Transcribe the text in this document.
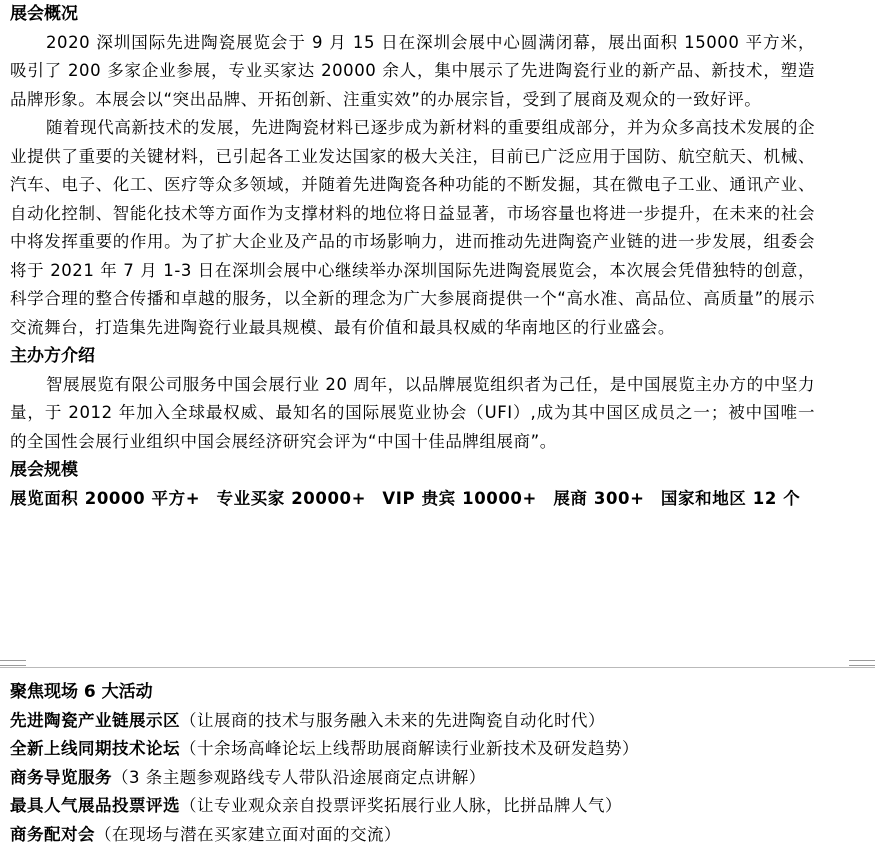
展会概况
2020 深圳国际先进陶瓷展览会于 9 月 15 日在深圳会展中心圆满闭幕，展出面积 15000 平方米，吸引了 200 多家企业参展，专业买家达 20000 余人，集中展示了先进陶瓷行业的新产品、新技术，塑造品牌形象。本展会以“突出品牌、开拓创新、注重实效”的办展宗旨，受到了展商及观众的一致好评。
随着现代高新技术的发展，先进陶瓷材料已逐步成为新材料的重要组成部分，并为众多高技术发展的企业提供了重要的关键材料，已引起各工业发达国家的极大关注，目前已广泛应用于国防、航空航天、机械、汽车、电子、化工、医疗等众多领域，并随着先进陶瓷各种功能的不断发掘，其在微电子工业、通讯产业、自动化控制、智能化技术等方面作为支撑材料的地位将日益显著，市场容量也将进一步提升，在未来的社会中将发挥重要的作用。为了扩大企业及产品的市场影响力，进而推动先进陶瓷产业链的进一步发展，组委会将于 2021 年 7 月 1-3 日在深圳会展中心继续举办深圳国际先进陶瓷展览会，本次展会凭借独特的创意，科学合理的整合传播和卓越的服务，以全新的理念为广大参展商提供一个“高水准、高品位、高质量”的展示交流舞台，打造集先进陶瓷行业最具规模、最有价值和最具权威的华南地区的行业盛会。
主办方介绍
智展展览有限公司服务中国会展行业 20 周年，以品牌展览组织者为己任，是中国展览主办方的中坚力量，于 2012 年加入全球最权威、最知名的国际展览业协会（UFI）,成为其中国区成员之一；被中国唯一的全国性会展行业组织中国会展经济研究会评为“中国十佳品牌组展商”。
展会规模
展览面积 20000 平方+ 专业买家 20000+ VIP 贵宾 10000+ 展商 300+ 国家和地区 12 个
聚焦现场 6 大活动
先进陶瓷产业链展示区（让展商的技术与服务融入未来的先进陶瓷自动化时代）
全新上线同期技术论坛（十余场高峰论坛上线帮助展商解读行业新技术及研发趋势）
商务导览服务（3 条主题参观路线专人带队沿途展商定点讲解）
最具人气展品投票评选（让专业观众亲自投票评奖拓展行业人脉，比拼品牌人气）
商务配对会（在现场与潜在买家建立面对面的交流）
